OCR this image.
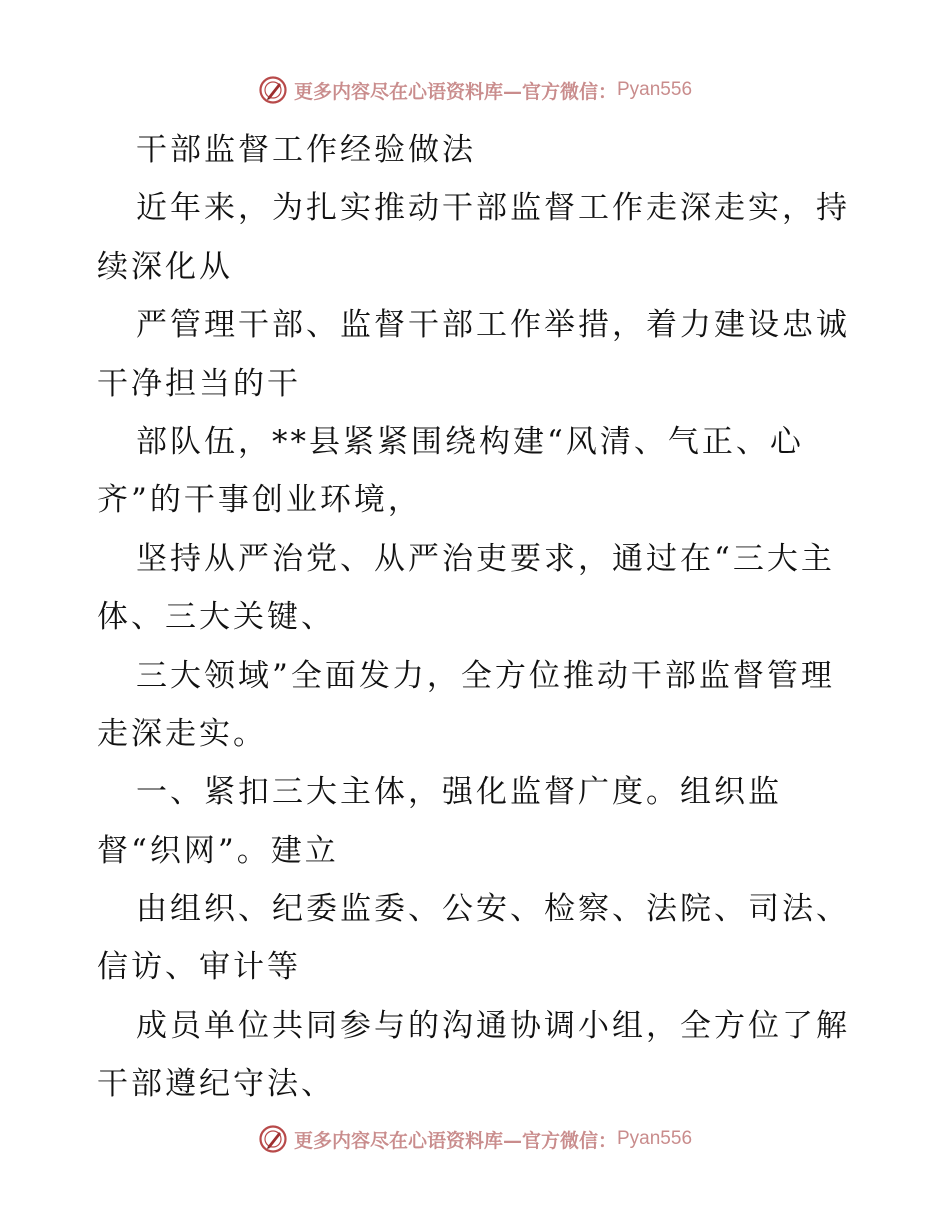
更多内容尽在心语资料库—官方微信： Pyan556
干部监督工作经验做法
近年来，为扎实推动干部监督工作走深走实，持
续深化从
严管理干部、监督干部工作举措，着力建设忠诚
干净担当的干
部队伍，**县紧紧围绕构建“风清、气正、心
齐”的干事创业环境，
坚持从严治党、从严治吏要求，通过在“三大主
体、三大关键、
三大领域”全面发力，全方位推动干部监督管理
走深走实。
一、紧扣三大主体，强化监督广度。组织监
督“织网”。建立
由组织、纪委监委、公安、检察、法院、司法、
信访、审计等
成员单位共同参与的沟通协调小组，全方位了解
干部遵纪守法、
更多内容尽在心语资料库—官方微信： Pyan556
